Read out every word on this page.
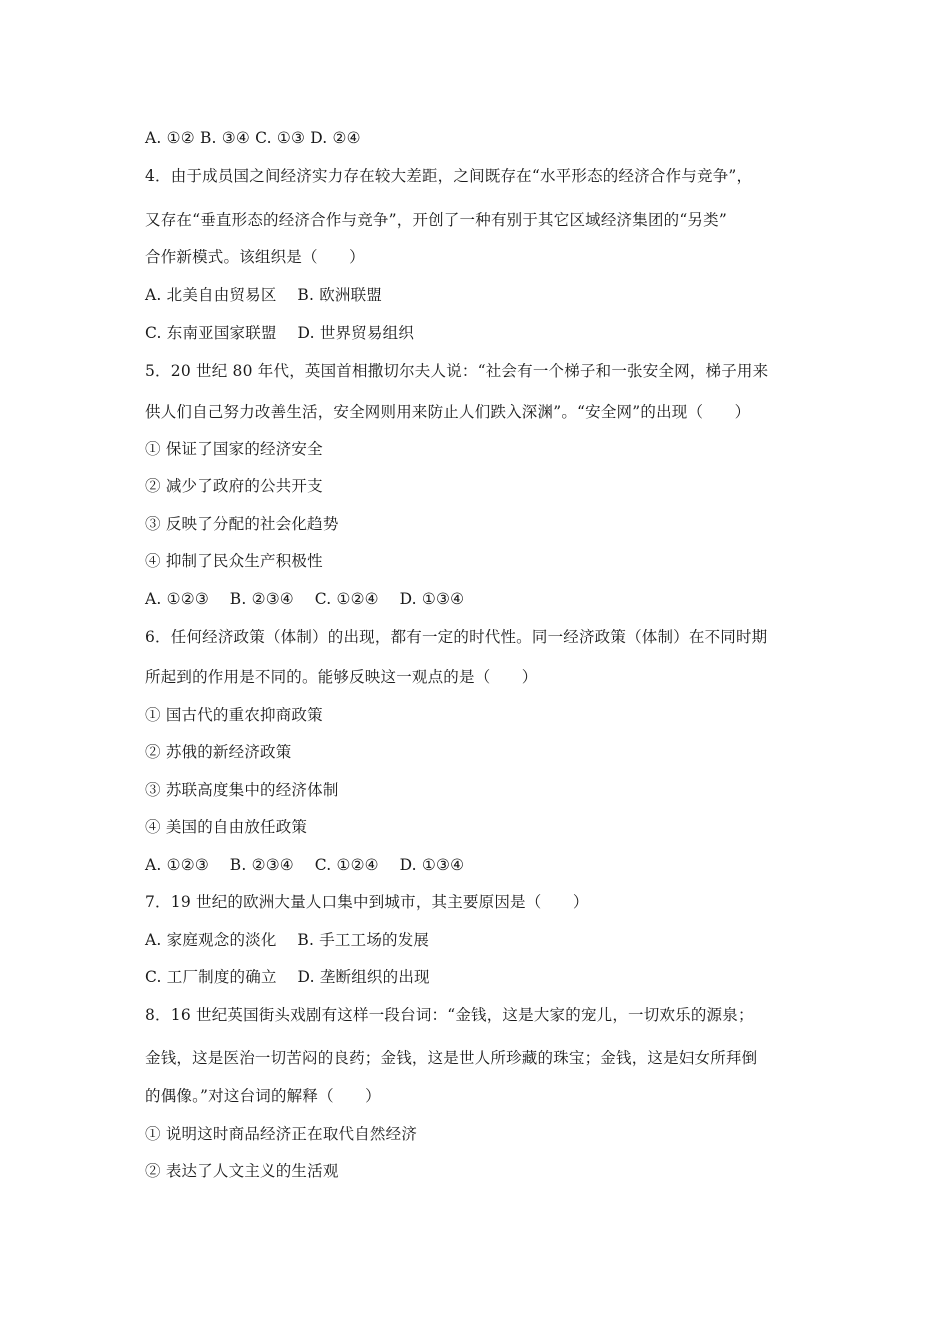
A. ①② B. ③④ C. ①③ D. ②④
4．由于成员国之间经济实力存在较大差距，之间既存在“水平形态的经济合作与竞争”，
又存在“垂直形态的经济合作与竞争”，开创了一种有别于其它区域经济集团的“另类”
合作新模式。该组织是（　　）
A. 北美自由贸易区　 B. 欧洲联盟
C. 东南亚国家联盟　 D. 世界贸易组织
5．20 世纪 80 年代，英国首相撒切尔夫人说：“社会有一个梯子和一张安全网，梯子用来
供人们自己努力改善生活，安全网则用来防止人们跌入深渊”。“安全网”的出现（　　）
① 保证了国家的经济安全
② 减少了政府的公共开支
③ 反映了分配的社会化趋势
④ 抑制了民众生产积极性
A. ①②③　 B. ②③④　 C. ①②④　 D. ①③④
6．任何经济政策（体制）的出现，都有一定的时代性。同一经济政策（体制）在不同时期
所起到的作用是不同的。能够反映这一观点的是（　　）
① 国古代的重农抑商政策
② 苏俄的新经济政策
③ 苏联高度集中的经济体制
④ 美国的自由放任政策
A. ①②③　 B. ②③④　 C. ①②④　 D. ①③④
7．19 世纪的欧洲大量人口集中到城市，其主要原因是（　　）
A. 家庭观念的淡化　 B. 手工工场的发展
C. 工厂制度的确立　 D. 垄断组织的出现
8．16 世纪英国街头戏剧有这样一段台词：“金钱，这是大家的宠儿，一切欢乐的源泉；
金钱，这是医治一切苦闷的良药；金钱，这是世人所珍藏的珠宝；金钱，这是妇女所拜倒
的偶像。”对这台词的解释（　　）
① 说明这时商品经济正在取代自然经济
② 表达了人文主义的生活观
